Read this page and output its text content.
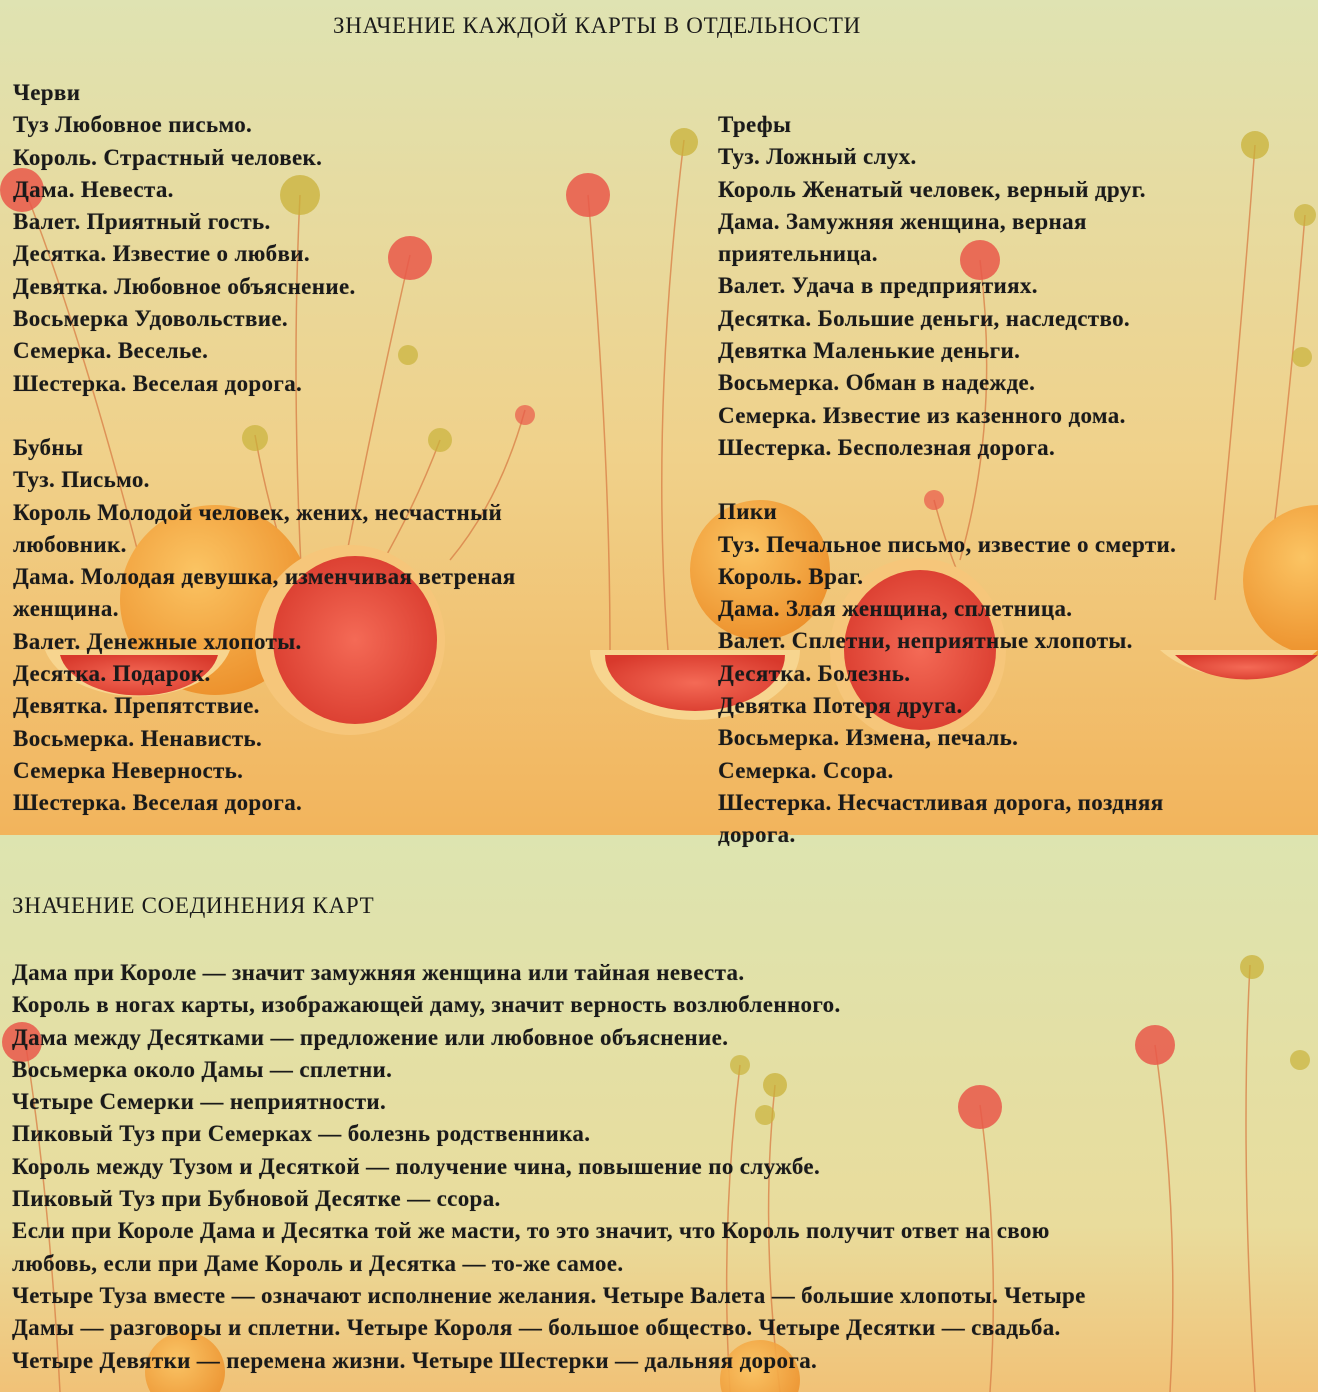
ЗНАЧЕНИЕ КАЖДОЙ КАРТЫ В ОТДЕЛЬНОСТИ
Черви
Туз Любовное письмо.
Король. Страстный человек.
Дама. Невеста.
Валет. Приятный гость.
Десятка. Известие о любви.
Девятка. Любовное объяснение.
Восьмерка Удовольствие.
Семерка. Веселье.
Шестерка. Веселая дорога.
Бубны
Туз. Письмо.
Король Молодой человек, жених, несчастный
любовник.
Дама. Молодая девушка, изменчивая ветреная
женщина.
Валет. Денежные хлопоты.
Десятка. Подарок.
Девятка. Препятствие.
Восьмерка. Ненависть.
Семерка Неверность.
Шестерка. Веселая дорога.
Трефы
Туз. Ложный слух.
Король Женатый человек, верный друг.
Дама. Замужняя женщина, верная
приятельница.
Валет. Удача в предприятиях.
Десятка. Большие деньги, наследство.
Девятка Маленькие деньги.
Восьмерка. Обман в надежде.
Семерка. Известие из казенного дома.
Шестерка. Бесполезная дорога.
Пики
Туз. Печальное письмо, известие о смерти.
Король. Враг.
Дама. Злая женщина, сплетница.
Валет. Сплетни, неприятные хлопоты.
Десятка. Болезнь.
Девятка Потеря друга.
Восьмерка. Измена, печаль.
Семерка. Ссора.
Шестерка. Несчастливая дорога, поздняя
дорога.
ЗНАЧЕНИЕ СОЕДИНЕНИЯ КАРТ
Дама при Короле — значит замужняя женщина или тайная невеста.
Король в ногах карты, изображающей даму, значит верность возлюбленного.
Дама между Десятками — предложение или любовное объяснение.
Восьмерка около Дамы — сплетни.
Четыре Семерки — неприятности.
Пиковый Туз при Семерках — болезнь родственника.
Король между Тузом и Десяткой — получение чина, повышение по службе.
Пиковый Туз при Бубновой Десятке — ссора.
Если при Короле Дама и Десятка той же масти, то это значит, что Король получит ответ на свою
любовь, если при Даме Король и Десятка — то-же самое.
Четыре Туза вместе — означают исполнение желания. Четыре Валета — большие хлопоты. Четыре
Дамы — разговоры и сплетни. Четыре Короля — большое общество. Четыре Десятки — свадьба.
Четыре Девятки — перемена жизни. Четыре Шестерки — дальняя дорога.
